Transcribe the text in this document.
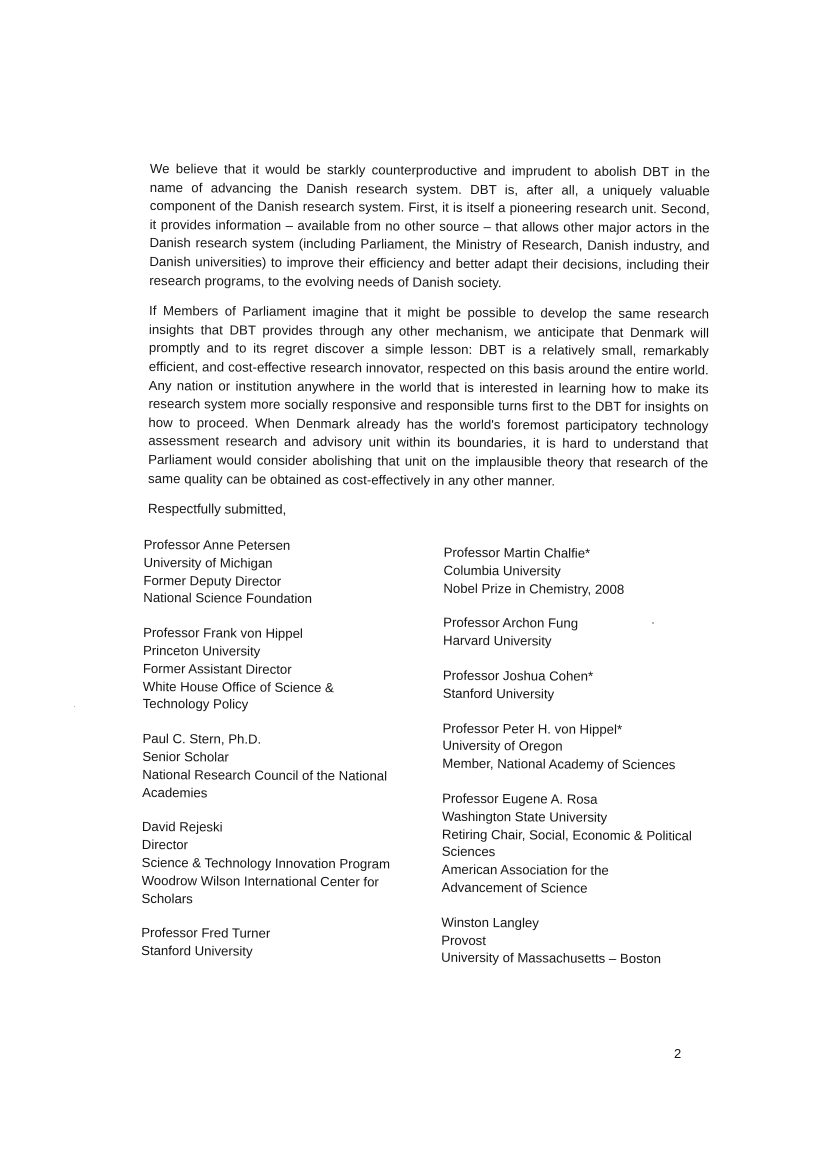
We believe that it would be starkly counterproductive and imprudent to abolish DBT in the name of advancing the Danish research system. DBT is, after all, a uniquely valuable component of the Danish research system. First, it is itself a pioneering research unit. Second, it provides information – available from no other source – that allows other major actors in the Danish research system (including Parliament, the Ministry of Research, Danish industry, and Danish universities) to improve their efficiency and better adapt their decisions, including their research programs, to the evolving needs of Danish society.

If Members of Parliament imagine that it might be possible to develop the same research insights that DBT provides through any other mechanism, we anticipate that Denmark will promptly and to its regret discover a simple lesson: DBT is a relatively small, remarkably efficient, and cost-effective research innovator, respected on this basis around the entire world. Any nation or institution anywhere in the world that is interested in learning how to make its research system more socially responsive and responsible turns first to the DBT for insights on how to proceed. When Denmark already has the world's foremost participatory technology assessment research and advisory unit within its boundaries, it is hard to understand that Parliament would consider abolishing that unit on the implausible theory that research of the same quality can be obtained as cost-effectively in any other manner.

Respectfully submitted,

Professor Anne Petersen
University of Michigan
Former Deputy Director
National Science Foundation
Professor Frank von Hippel
Princeton University
Former Assistant Director
White House Office of Science &
Technology Policy
Paul C. Stern, Ph.D.
Senior Scholar
National Research Council of the National
Academies
David Rejeski
Director
Science & Technology Innovation Program
Woodrow Wilson International Center for
Scholars
Professor Fred Turner
Stanford University
Professor Martin Chalfie*
Columbia University
Nobel Prize in Chemistry, 2008
Professor Archon Fung
Harvard University
Professor Joshua Cohen*
Stanford University
Professor Peter H. von Hippel*
University of Oregon
Member, National Academy of Sciences
Professor Eugene A. Rosa
Washington State University
Retiring Chair, Social, Economic & Political
Sciences
American Association for the
Advancement of Science
Winston Langley
Provost
University of Massachusetts – Boston
2
